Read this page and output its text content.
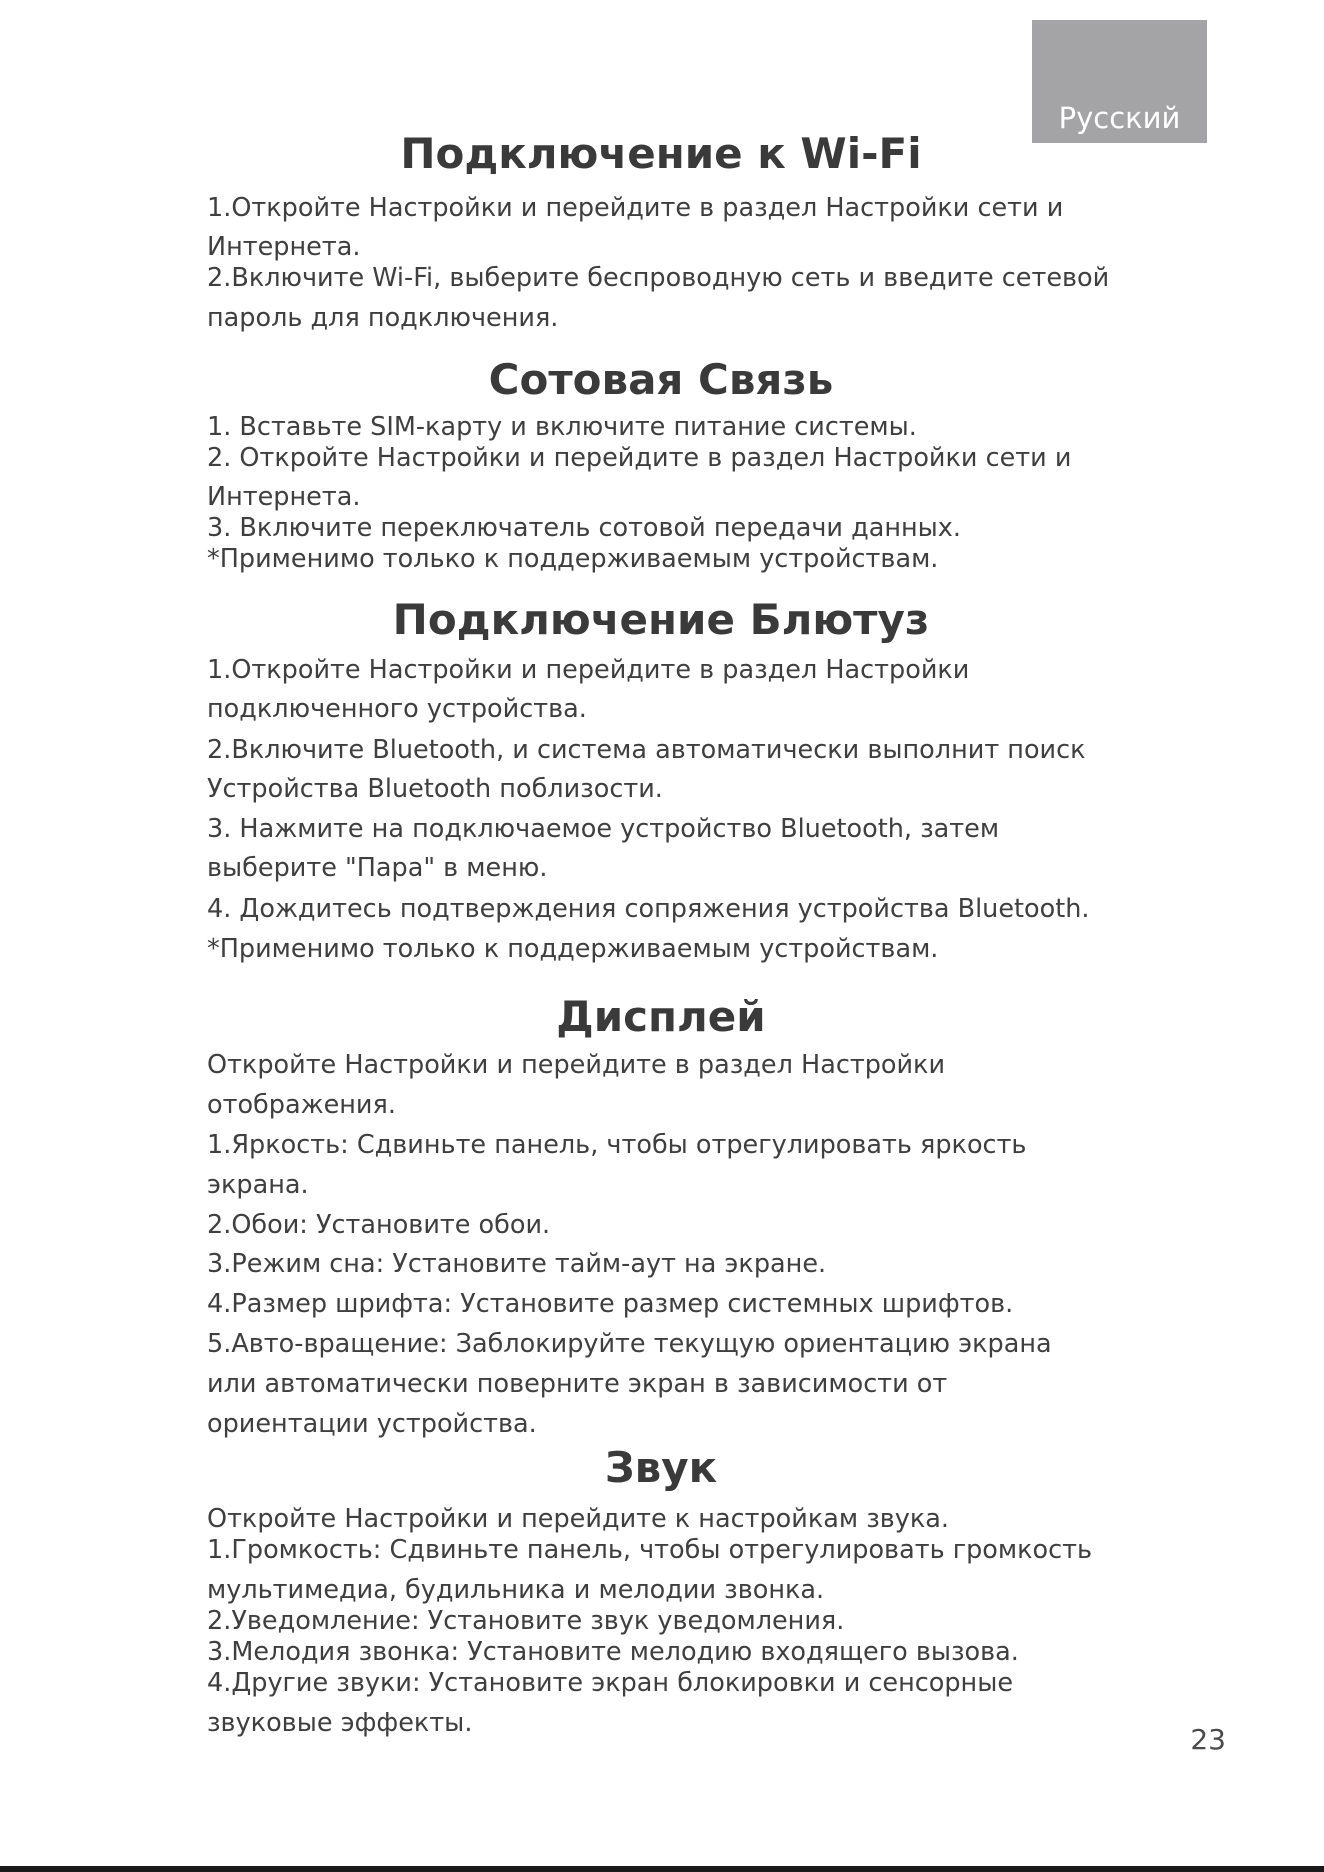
Русский
Подключение к Wi-Fi

1.Откройте Настройки и перейдите в раздел Настройки сети и

Интернета.

2.Включите Wi-Fi, выберите беспроводную сеть и введите сетевой

пароль для подключения.

Сотовая Связь

1. Вставьте SIM-карту и включите питание системы.

2. Откройте Настройки и перейдите в раздел Настройки сети и

Интернета.

3. Включите переключатель сотовой передачи данных.

*Применимо только к поддерживаемым устройствам.

Подключение Блютуз

1.Откройте Настройки и перейдите в раздел Настройки

подключенного устройства.

2.Включите Bluetooth, и система автоматически выполнит поиск

Устройства Bluetooth поблизости.

3. Нажмите на подключаемое устройство Bluetooth, затем

выберите "Пара" в меню.

4. Дождитесь подтверждения сопряжения устройства Bluetooth.

*Применимо только к поддерживаемым устройствам.

Дисплей

Откройте Настройки и перейдите в раздел Настройки

отображения.

1.Яркость: Сдвиньте панель, чтобы отрегулировать яркость

экрана.

2.Обои: Установите обои.

3.Режим сна: Установите тайм-аут на экране.

4.Размер шрифта: Установите размер системных шрифтов.

5.Авто-вращение: Заблокируйте текущую ориентацию экрана

или автоматически поверните экран в зависимости от

ориентации устройства.

Звук

Откройте Настройки и перейдите к настройкам звука.

1.Громкость: Сдвиньте панель, чтобы отрегулировать громкость

мультимедиа, будильника и мелодии звонка.

2.Уведомление: Установите звук уведомления.

3.Мелодия звонка: Установите мелодию входящего вызова.

4.Другие звуки: Установите экран блокировки и сенсорные

звуковые эффекты.	23
